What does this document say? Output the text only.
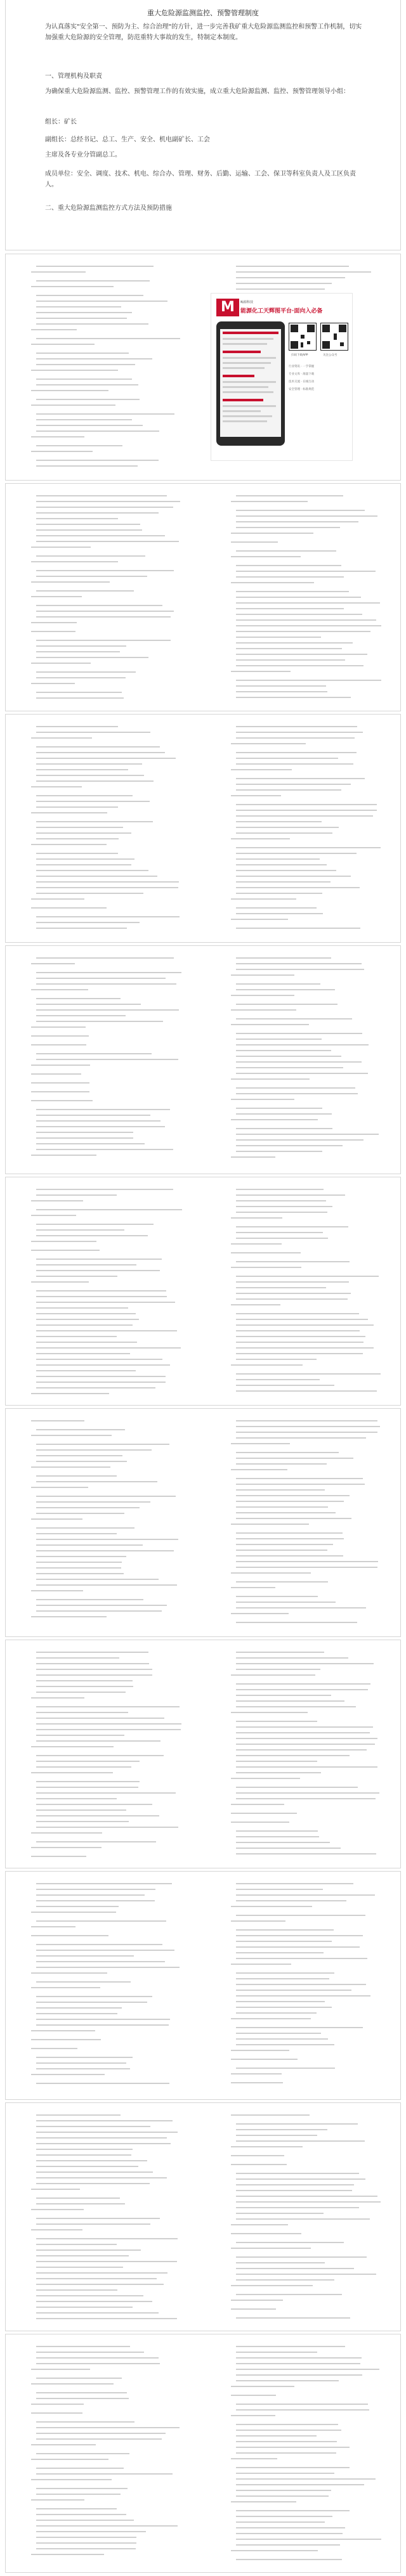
重大危险源监测监控、预警管理制度

为认真落实"安全第一、预防为主、综合治理"的方针，进一步完善我矿重大危险源监测监控和预警工作机制，切实加强重大危险源的安全管理，防范重特大事故的发生，特制定本制度。

一、管理机构及职责

为确保重大危险源监测、监控、预警管理工作的有效实施，成立重大危险源监测、监控、预警管理领导小组：

组长：矿长

副组长：总经书记、总工、生产、安全、机电副矿长、工会

主席及各专业分管副总工。

成员单位：安全、调度、技术、机电、综合办、管理、财务、后勤、运输、工会、保卫等科室负责人及工区负责人。

二、重大危险源监测监控方式方法及预防措施

M	鲸源科技
能源化工天辉图平台·面向入必备
扫码下载APP	关注公众号
行业资讯 · 一手掌握
专业文库 · 海量下载
技术交流 · 在线互动
安全管理 · 标准规范
